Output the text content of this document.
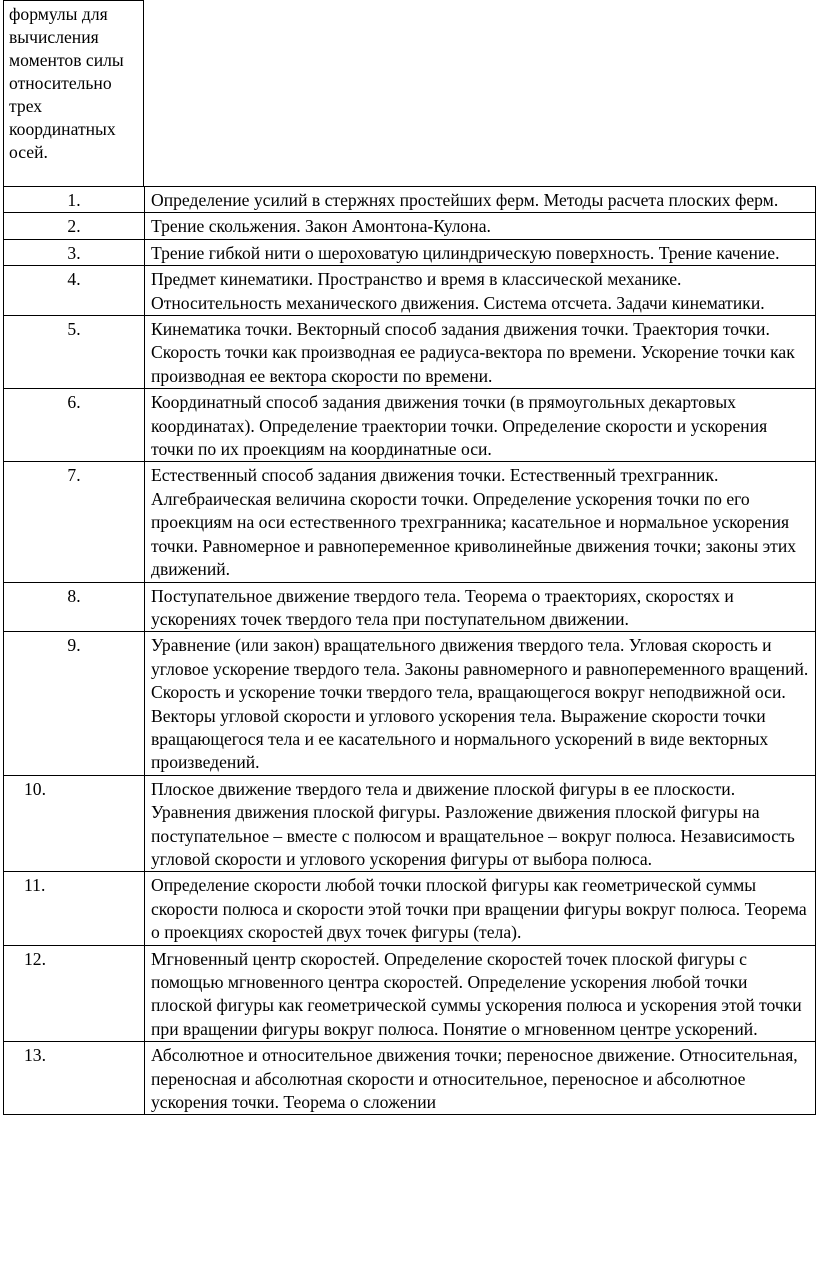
формулы для вычисления моментов силы относительно трех координатных осей.
1.	Определение усилий в стержнях простейших ферм. Методы расчета плоских ферм.
2.	Трение скольжения. Закон Амонтона-Кулона.
3.	Трение гибкой нити о шероховатую цилиндрическую поверхность. Трение качение.
4.	Предмет кинематики. Пространство и время в классической механике. Относительность механического движения. Система отсчета. Задачи кинематики.
5.	Кинематика точки. Векторный способ задания движения точки. Траектория точки. Скорость точки как производная ее радиуса-вектора по времени. Ускорение точки как производная ее вектора скорости по времени.
6.	Координатный способ задания движения точки (в прямоугольных декартовых координатах). Определение траектории точки. Определение скорости и ускорения точки по их проекциям на координатные оси.
7.	Естественный способ задания движения точки. Естественный трехгранник. Алгебраическая величина скорости точки. Определение ускорения точки по его проекциям на оси естественного трехгранника; касательное и нормальное ускорения точки. Равномерное и равнопеременное криволинейные движения точки; законы этих движений.
8.	Поступательное движение твердого тела. Теорема о траекториях, скоростях и ускорениях точек твердого тела при поступательном движении.
9.	Уравнение (или закон) вращательного движения твердого тела. Угловая скорость и угловое ускорение твердого тела. Законы равномерного и равнопеременного вращений. Скорость и ускорение точки твердого тела, вращающегося вокруг неподвижной оси. Векторы угловой скорости и углового ускорения тела. Выражение скорости точки вращающегося тела и ее касательного и нормального ускорений в виде векторных произведений.
10.	Плоское движение твердого тела и движение плоской фигуры в ее плоскости. Уравнения движения плоской фигуры. Разложение движения плоской фигуры на поступательное – вместе с полюсом и вращательное – вокруг полюса. Независимость угловой скорости и углового ускорения фигуры от выбора полюса.
11.	Определение скорости любой точки плоской фигуры как геометрической суммы скорости полюса и скорости этой точки при вращении фигуры вокруг полюса. Теорема о проекциях скоростей двух точек фигуры (тела).
12.	Мгновенный центр скоростей. Определение скоростей точек плоской фигуры с помощью мгновенного центра скоростей. Определение ускорения любой точки плоской фигуры как геометрической суммы ускорения полюса и ускорения этой точки при вращении фигуры вокруг полюса. Понятие о мгновенном центре ускорений.
13.	Абсолютное и относительное движения точки; переносное движение. Относительная, переносная и абсолютная скорости и относительное, переносное и абсолютное ускорения точки. Теорема о сложении
